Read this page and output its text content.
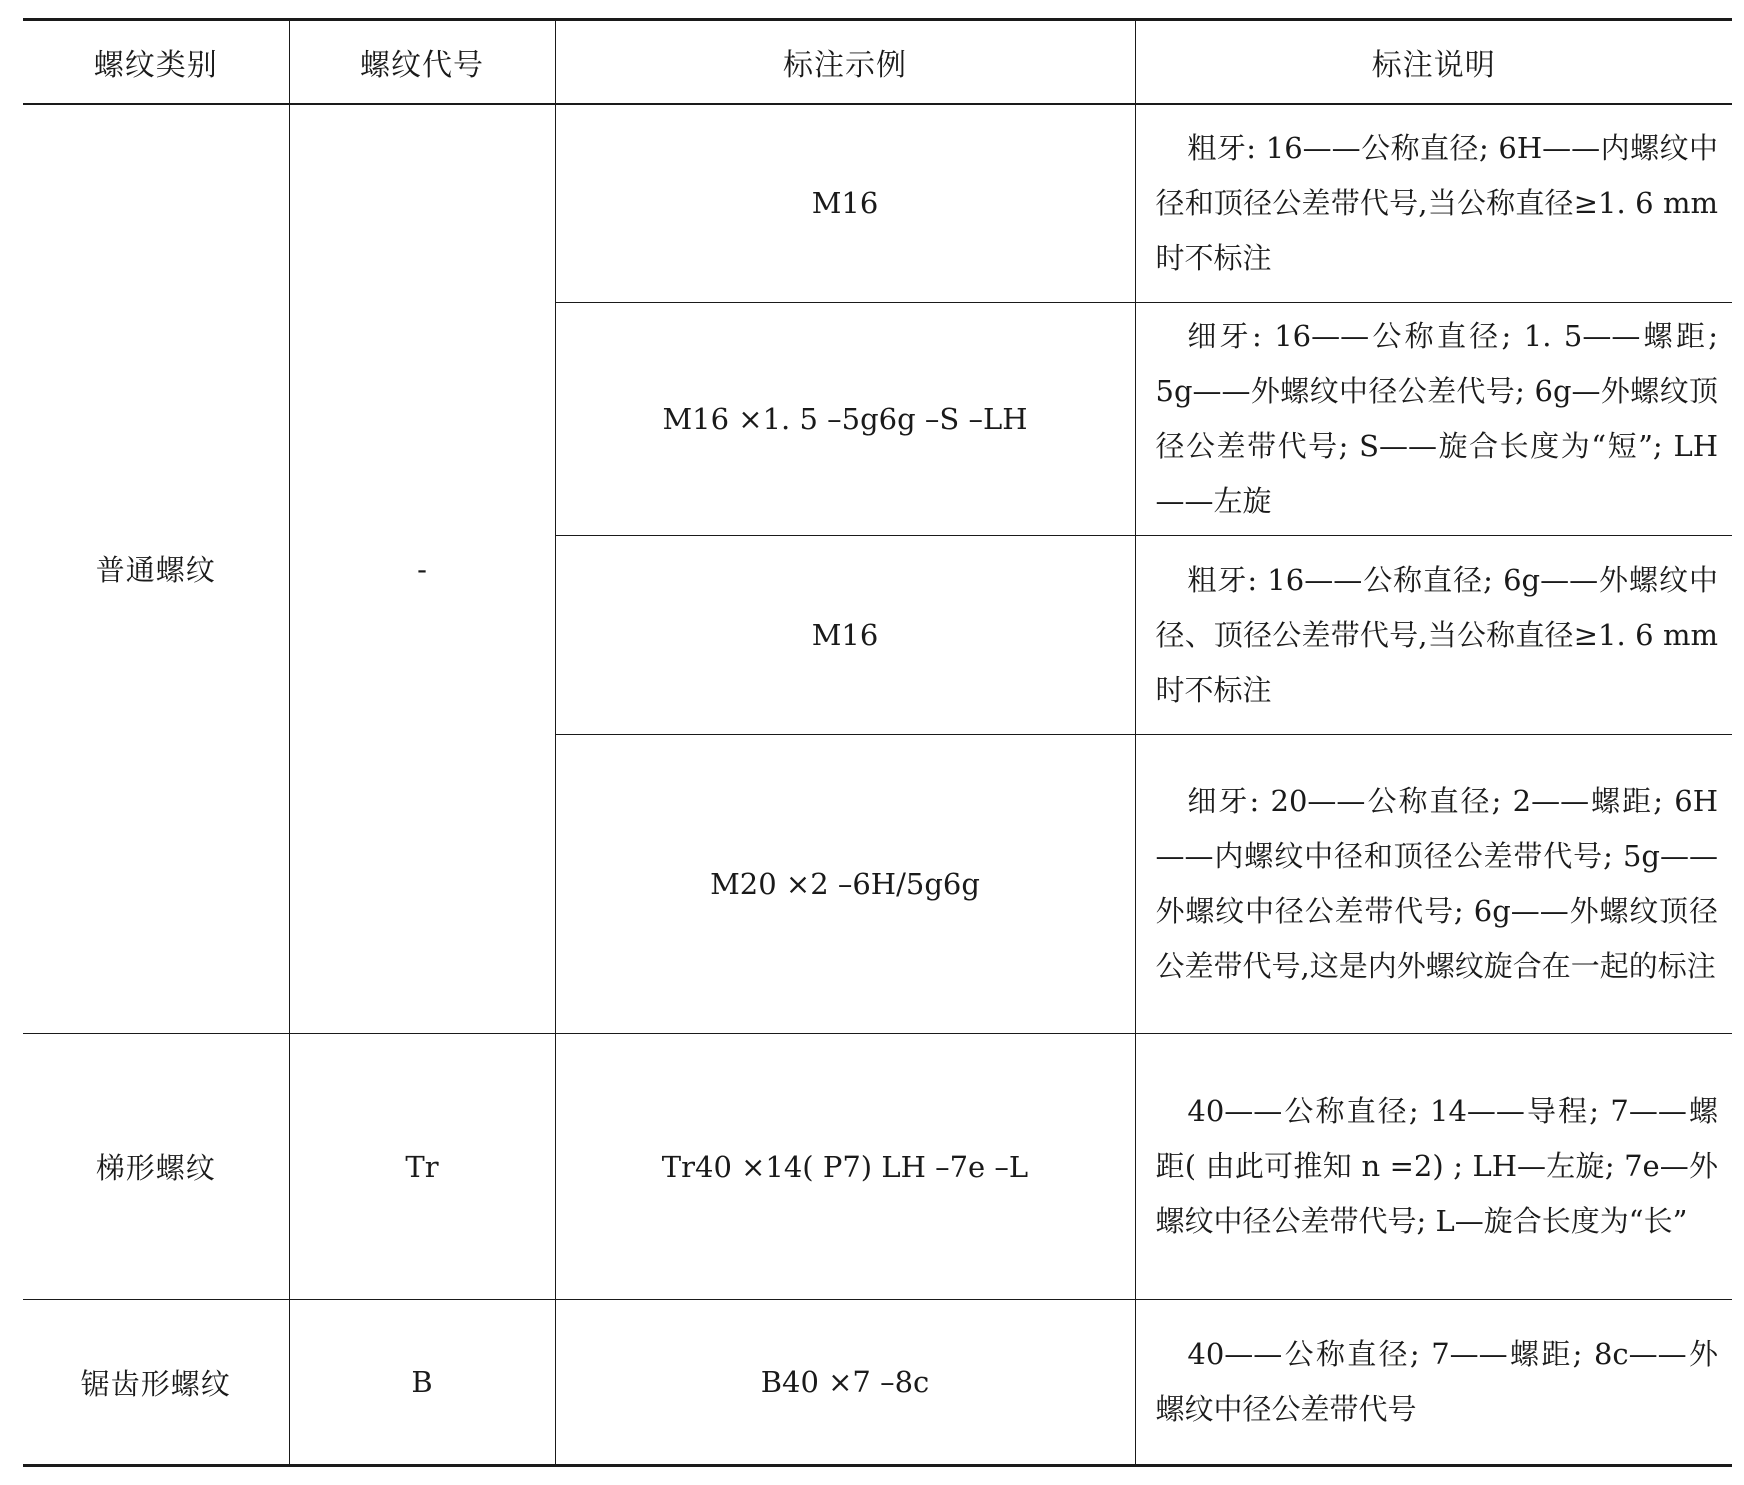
螺纹类别	螺纹代号	标注示例	标注说明
普通螺纹	-	M16	粗牙: 16——公称直径; 6H——内螺纹中径和顶径公差带代号,当公称直径≥1. 6 mm时不标注
		M16 ×1. 5 –5g6g –S –LH	细牙: 16——公称直径; 1. 5——螺距; 5g——外螺纹中径公差代号; 6g—外螺纹顶径公差带代号; S——旋合长度为“短”; LH——左旋
		M16	粗牙: 16——公称直径; 6g——外螺纹中径、顶径公差带代号,当公称直径≥1. 6 mm 时不标注
		M20 ×2 –6H/5g6g	细牙: 20——公称直径; 2——螺距; 6H——内螺纹中径和顶径公差带代号; 5g——外螺纹中径公差带代号; 6g——外螺纹顶径公差带代号,这是内外螺纹旋合在一起的标注
梯形螺纹	Tr	Tr40 ×14( P7) LH –7e –L	40——公称直径; 14——导程; 7——螺距( 由此可推知 n =2) ; LH—左旋; 7e—外螺纹中径公差带代号; L—旋合长度为“长”
锯齿形螺纹	B	B40 ×7 –8c	40——公称直径; 7——螺距; 8c——外螺纹中径公差带代号
